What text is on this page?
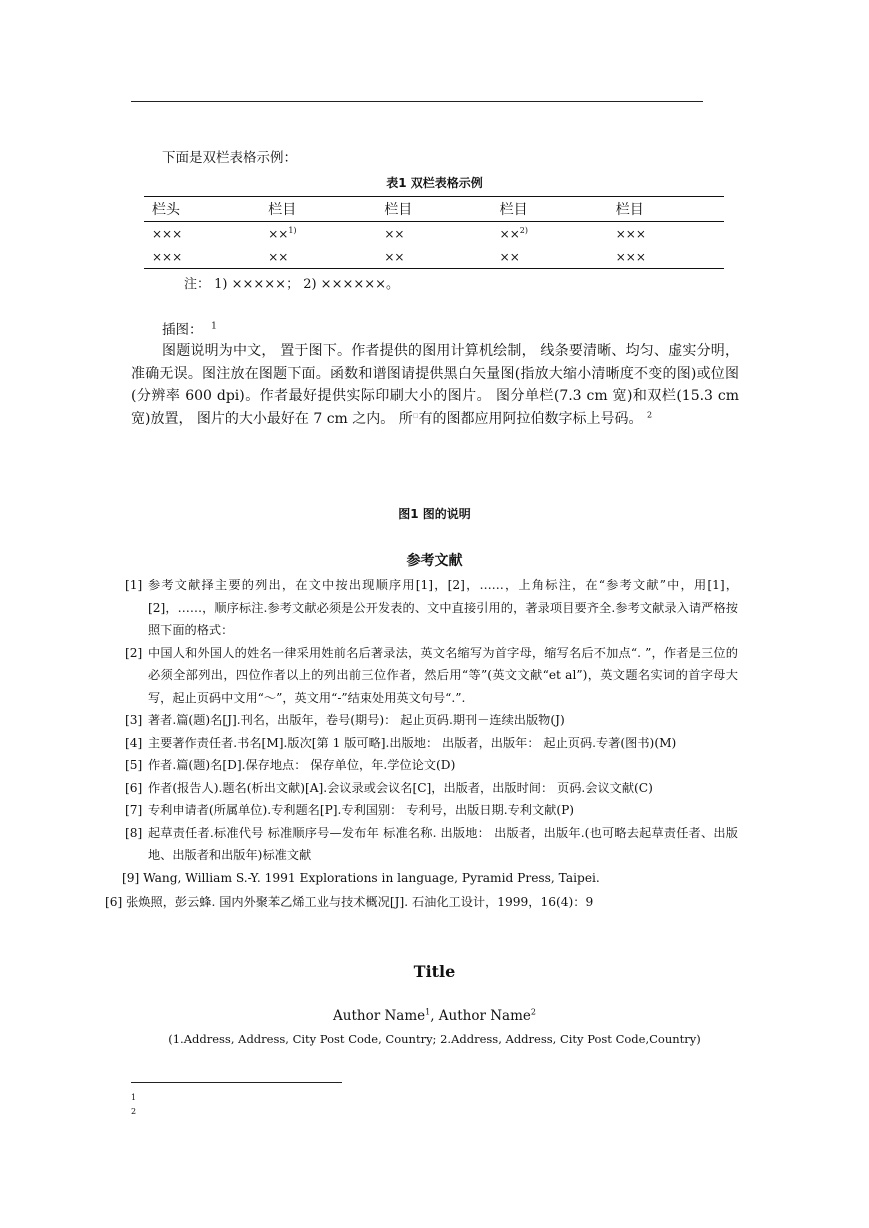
下面是双栏表格示例：
表1 双栏表格示例
栏头	栏目	栏目	栏目	栏目
×××	××$^{1)}$	××	××$^{2)}$	×××
×××	××	××	××	×××
注： 1) ×××××； 2) ××××××。
插图： $^1$
图题说明为中文， 置于图下。作者提供的图用计算机绘制， 线条要清晰、均匀、虚实分明，准确无误。图注放在图题下面。函数和谱图请提供黑白矢量图(指放大缩小清晰度不变的图)或位图(分辨率 600 dpi)。作者最好提供实际印刷大小的图片。 图分单栏(7.3 cm 宽)和双栏(15.3 cm 宽)放置， 图片的大小最好在 7 cm 之内。 所◻有的图都应用阿拉伯数字标上号码。 $^2$
图1 图的说明
参考文献
[1] 参考文献择主要的列出，在文中按出现顺序用[1]，[2]，……，上角标注，在“参考文献”中，用[1]，[2]，……，顺序标注.参考文献必须是公开发表的、文中直接引用的，著录项目要齐全.参考文献录入请严格按照下面的格式：
[2] 中国人和外国人的姓名一律采用姓前名后著录法，英文名缩写为首字母，缩写名后不加点“. ”，作者是三位的必须全部列出，四位作者以上的列出前三位作者，然后用“等”(英文文献“et al”)，英文题名实词的首字母大写，起止页码中文用“～”，英文用“-”结束处用英文句号“.”.
[3] 著者.篇(题)名[J].刊名，出版年，卷号(期号)： 起止页码.期刊－连续出版物(J)
[4] 主要著作责任者.书名[M].版次[第 1 版可略].出版地： 出版者，出版年： 起止页码.专著(图书)(M)
[5] 作者.篇(题)名[D].保存地点： 保存单位，年.学位论文(D)
[6] 作者(报告人).题名(析出文献)[A].会议录或会议名[C]，出版者，出版时间： 页码.会议文献(C)
[7] 专利申请者(所属单位).专利题名[P].专利国别： 专利号，出版日期.专利文献(P)
[8] 起草责任者.标准代号 标准顺序号—发布年 标准名称. 出版地： 出版者，出版年.(也可略去起草责任者、出版地、出版者和出版年)标准文献
[9] Wang, William S.-Y. 1991 Explorations in language, Pyramid Press, Taipei.
[6] 张焕照，彭云蜂. 国内外聚苯乙烯工业与技术概况[J]. 石油化工设计，1999，16(4)：9
Title
Author Name$^1$, Author Name$^2$
(1.Address, Address, City Post Code, Country; 2.Address, Address, City Post Code,Country)
1
2
